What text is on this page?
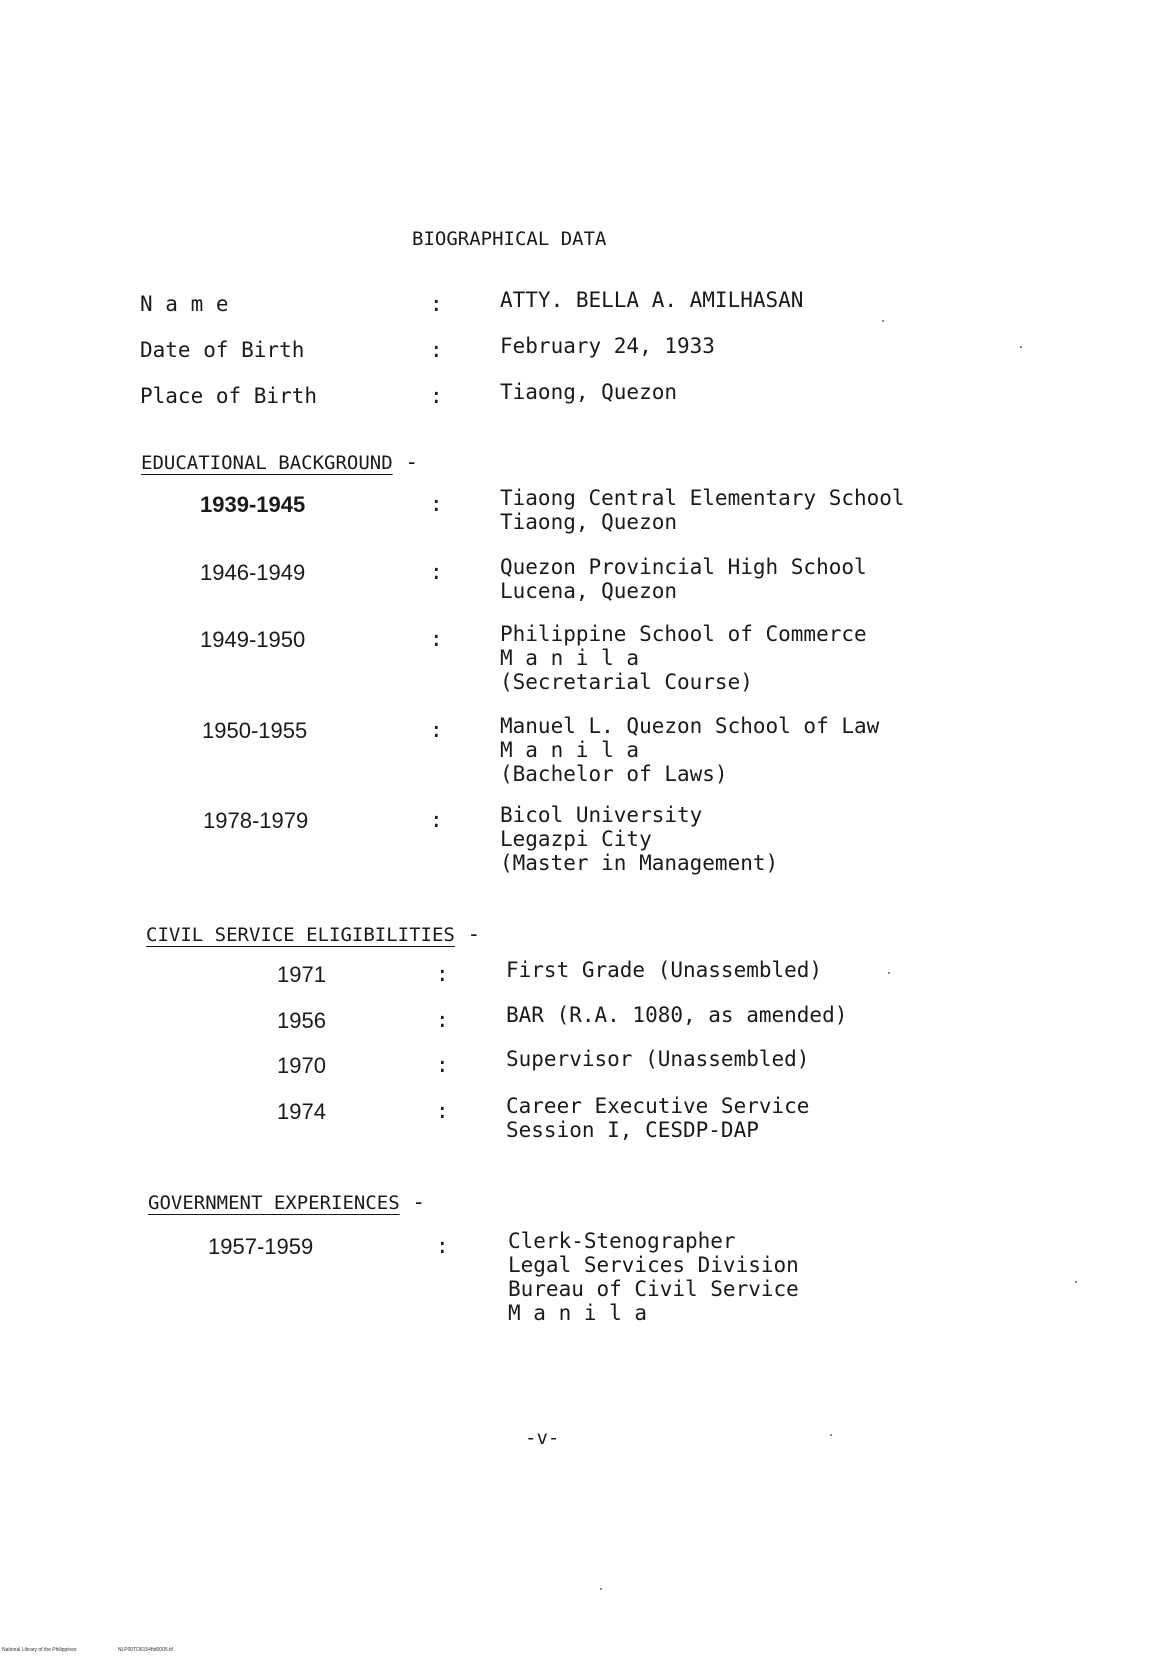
BIOGRAPHICAL DATA
N a m e	:	ATTY. BELLA A. AMILHASAN
Date of Birth	:	February 24, 1933
Place of Birth	:	Tiaong, Quezon
EDUCATIONAL BACKGROUND -
1939-1945	:	Tiaong Central Elementary School
Tiaong, Quezon
1946-1949	:	Quezon Provincial High School
Lucena, Quezon
1949-1950	:	Philippine School of Commerce
M a n i l a
(Secretarial Course)
1950-1955	:	Manuel L. Quezon School of Law
M a n i l a
(Bachelor of Laws)
1978-1979	:	Bicol University
Legazpi City
(Master in Management)
CIVIL SERVICE ELIGIBILITIES -
1971	:	First Grade (Unassembled)
1956	:	BAR (R.A. 1080, as amended)
1970	:	Supervisor (Unassembled)
1974	:	Career Executive Service
Session I, CESDP-DAP
GOVERNMENT EXPERIENCES -
1957-1959	:	Clerk-Stenographer
Legal Services Division
Bureau of Civil Service
M a n i l a
-v-
National Library of the Philippines	NLP00TD6154ftd0005.tif
